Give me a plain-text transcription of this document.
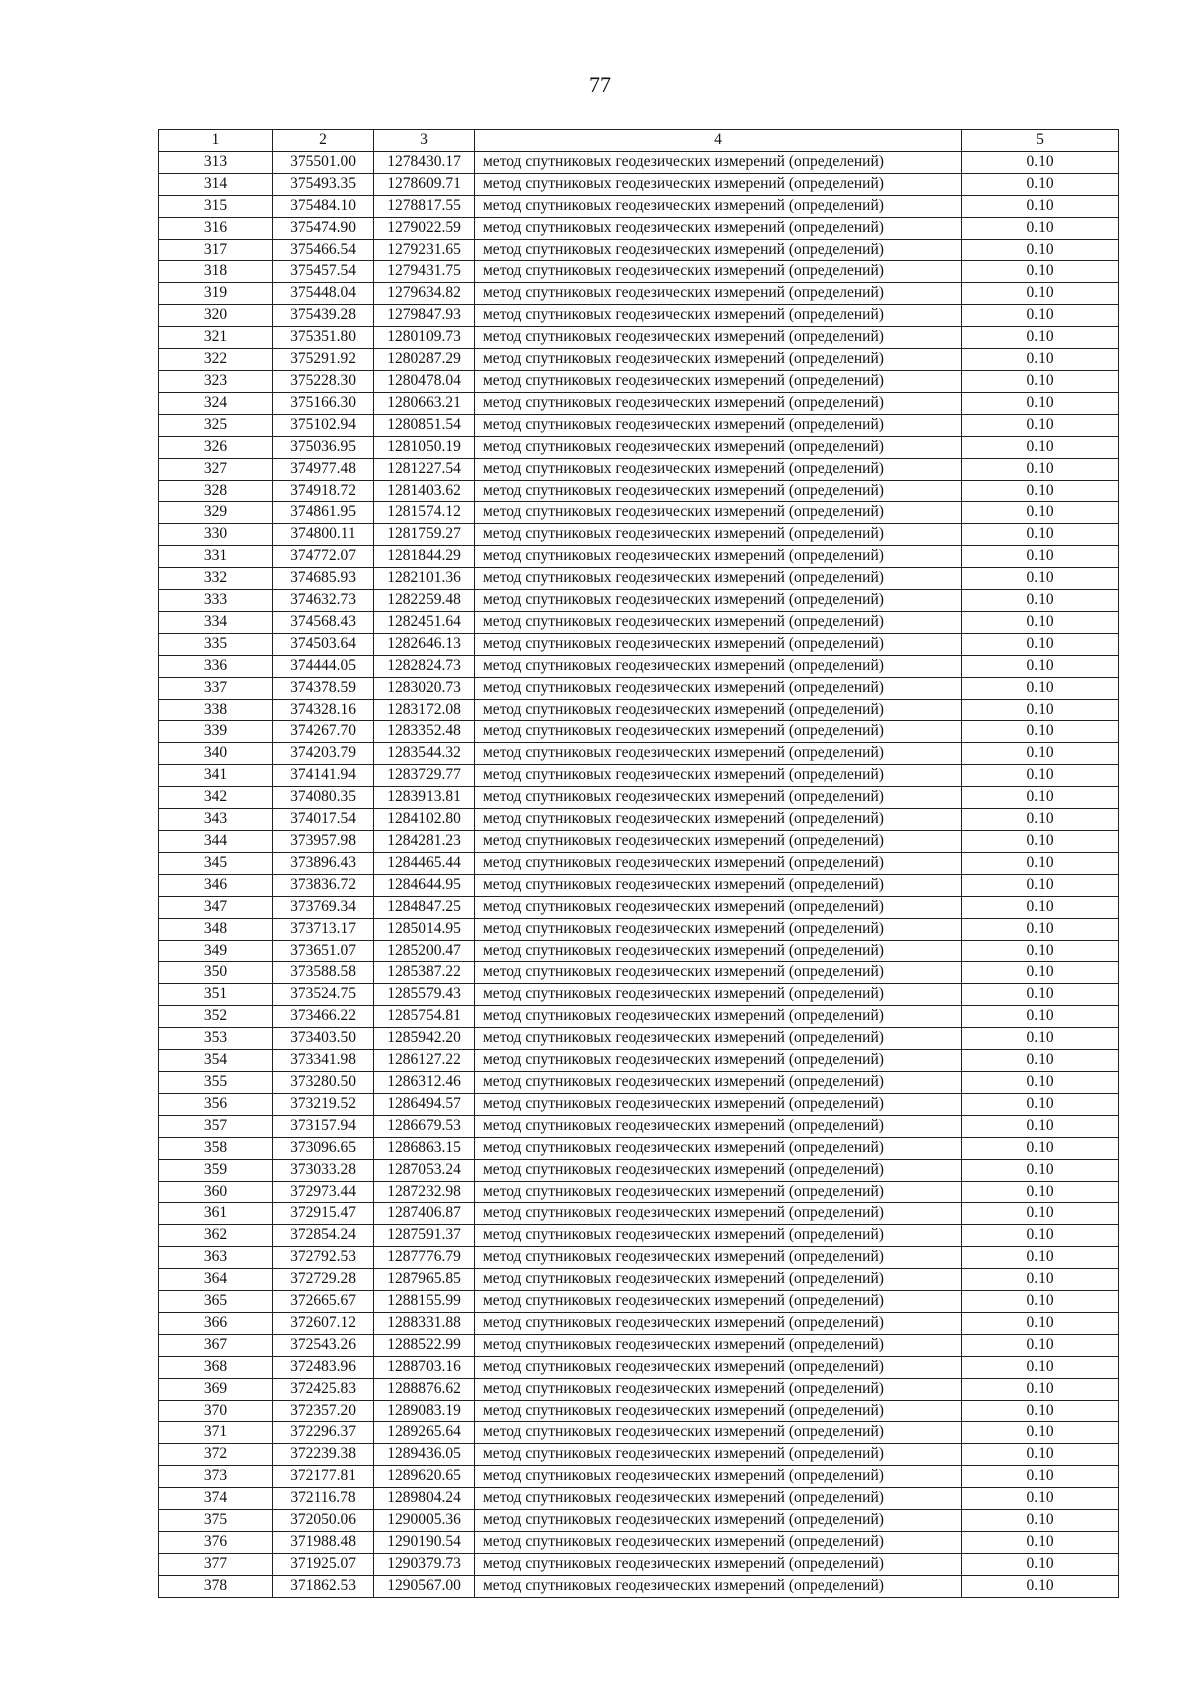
77
1	2	3	4	5
313	375501.00	1278430.17	метод спутниковых геодезических измерений (определений)	0.10
314	375493.35	1278609.71	метод спутниковых геодезических измерений (определений)	0.10
315	375484.10	1278817.55	метод спутниковых геодезических измерений (определений)	0.10
316	375474.90	1279022.59	метод спутниковых геодезических измерений (определений)	0.10
317	375466.54	1279231.65	метод спутниковых геодезических измерений (определений)	0.10
318	375457.54	1279431.75	метод спутниковых геодезических измерений (определений)	0.10
319	375448.04	1279634.82	метод спутниковых геодезических измерений (определений)	0.10
320	375439.28	1279847.93	метод спутниковых геодезических измерений (определений)	0.10
321	375351.80	1280109.73	метод спутниковых геодезических измерений (определений)	0.10
322	375291.92	1280287.29	метод спутниковых геодезических измерений (определений)	0.10
323	375228.30	1280478.04	метод спутниковых геодезических измерений (определений)	0.10
324	375166.30	1280663.21	метод спутниковых геодезических измерений (определений)	0.10
325	375102.94	1280851.54	метод спутниковых геодезических измерений (определений)	0.10
326	375036.95	1281050.19	метод спутниковых геодезических измерений (определений)	0.10
327	374977.48	1281227.54	метод спутниковых геодезических измерений (определений)	0.10
328	374918.72	1281403.62	метод спутниковых геодезических измерений (определений)	0.10
329	374861.95	1281574.12	метод спутниковых геодезических измерений (определений)	0.10
330	374800.11	1281759.27	метод спутниковых геодезических измерений (определений)	0.10
331	374772.07	1281844.29	метод спутниковых геодезических измерений (определений)	0.10
332	374685.93	1282101.36	метод спутниковых геодезических измерений (определений)	0.10
333	374632.73	1282259.48	метод спутниковых геодезических измерений (определений)	0.10
334	374568.43	1282451.64	метод спутниковых геодезических измерений (определений)	0.10
335	374503.64	1282646.13	метод спутниковых геодезических измерений (определений)	0.10
336	374444.05	1282824.73	метод спутниковых геодезических измерений (определений)	0.10
337	374378.59	1283020.73	метод спутниковых геодезических измерений (определений)	0.10
338	374328.16	1283172.08	метод спутниковых геодезических измерений (определений)	0.10
339	374267.70	1283352.48	метод спутниковых геодезических измерений (определений)	0.10
340	374203.79	1283544.32	метод спутниковых геодезических измерений (определений)	0.10
341	374141.94	1283729.77	метод спутниковых геодезических измерений (определений)	0.10
342	374080.35	1283913.81	метод спутниковых геодезических измерений (определений)	0.10
343	374017.54	1284102.80	метод спутниковых геодезических измерений (определений)	0.10
344	373957.98	1284281.23	метод спутниковых геодезических измерений (определений)	0.10
345	373896.43	1284465.44	метод спутниковых геодезических измерений (определений)	0.10
346	373836.72	1284644.95	метод спутниковых геодезических измерений (определений)	0.10
347	373769.34	1284847.25	метод спутниковых геодезических измерений (определений)	0.10
348	373713.17	1285014.95	метод спутниковых геодезических измерений (определений)	0.10
349	373651.07	1285200.47	метод спутниковых геодезических измерений (определений)	0.10
350	373588.58	1285387.22	метод спутниковых геодезических измерений (определений)	0.10
351	373524.75	1285579.43	метод спутниковых геодезических измерений (определений)	0.10
352	373466.22	1285754.81	метод спутниковых геодезических измерений (определений)	0.10
353	373403.50	1285942.20	метод спутниковых геодезических измерений (определений)	0.10
354	373341.98	1286127.22	метод спутниковых геодезических измерений (определений)	0.10
355	373280.50	1286312.46	метод спутниковых геодезических измерений (определений)	0.10
356	373219.52	1286494.57	метод спутниковых геодезических измерений (определений)	0.10
357	373157.94	1286679.53	метод спутниковых геодезических измерений (определений)	0.10
358	373096.65	1286863.15	метод спутниковых геодезических измерений (определений)	0.10
359	373033.28	1287053.24	метод спутниковых геодезических измерений (определений)	0.10
360	372973.44	1287232.98	метод спутниковых геодезических измерений (определений)	0.10
361	372915.47	1287406.87	метод спутниковых геодезических измерений (определений)	0.10
362	372854.24	1287591.37	метод спутниковых геодезических измерений (определений)	0.10
363	372792.53	1287776.79	метод спутниковых геодезических измерений (определений)	0.10
364	372729.28	1287965.85	метод спутниковых геодезических измерений (определений)	0.10
365	372665.67	1288155.99	метод спутниковых геодезических измерений (определений)	0.10
366	372607.12	1288331.88	метод спутниковых геодезических измерений (определений)	0.10
367	372543.26	1288522.99	метод спутниковых геодезических измерений (определений)	0.10
368	372483.96	1288703.16	метод спутниковых геодезических измерений (определений)	0.10
369	372425.83	1288876.62	метод спутниковых геодезических измерений (определений)	0.10
370	372357.20	1289083.19	метод спутниковых геодезических измерений (определений)	0.10
371	372296.37	1289265.64	метод спутниковых геодезических измерений (определений)	0.10
372	372239.38	1289436.05	метод спутниковых геодезических измерений (определений)	0.10
373	372177.81	1289620.65	метод спутниковых геодезических измерений (определений)	0.10
374	372116.78	1289804.24	метод спутниковых геодезических измерений (определений)	0.10
375	372050.06	1290005.36	метод спутниковых геодезических измерений (определений)	0.10
376	371988.48	1290190.54	метод спутниковых геодезических измерений (определений)	0.10
377	371925.07	1290379.73	метод спутниковых геодезических измерений (определений)	0.10
378	371862.53	1290567.00	метод спутниковых геодезических измерений (определений)	0.10
